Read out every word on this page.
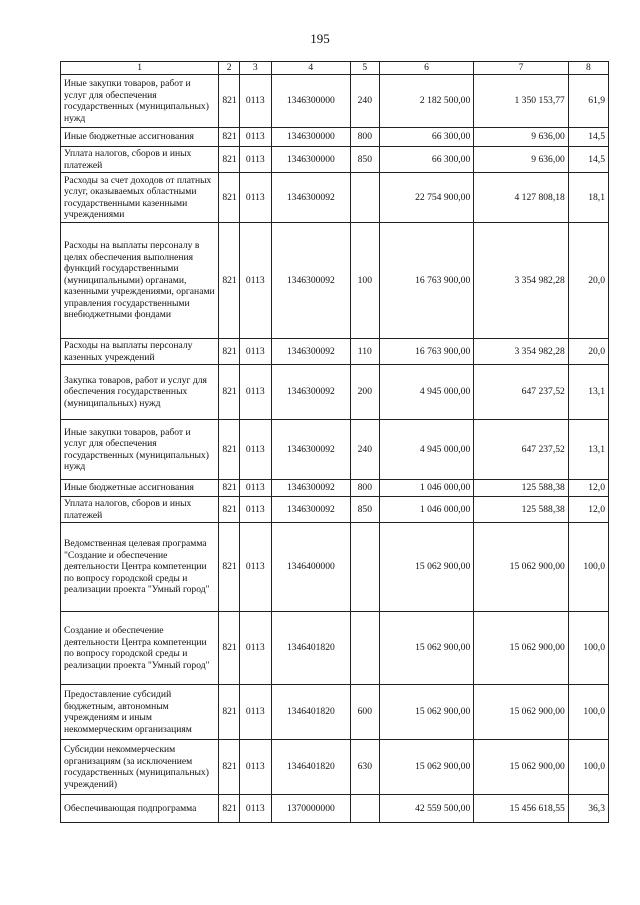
195
1	2	3	4	5	6	7	8
Иные закупки товаров, работ и услуг для обеспечения государственных (муниципальных) нужд	821	0113	1346300000	240	2 182 500,00	1 350 153,77	61,9
Иные бюджетные ассигнования	821	0113	1346300000	800	66 300,00	9 636,00	14,5
Уплата налогов, сборов и иных платежей	821	0113	1346300000	850	66 300,00	9 636,00	14,5
Расходы за счет доходов от платных услуг, оказываемых областными государственными казенными учреждениями	821	0113	1346300092		22 754 900,00	4 127 808,18	18,1
Расходы на выплаты персоналу в целях обеспечения выполнения функций государственными (муниципальными) органами, казенными учреждениями, органами управления государственными внебюджетными фондами	821	0113	1346300092	100	16 763 900,00	3 354 982,28	20,0
Расходы на выплаты персоналу казенных учреждений	821	0113	1346300092	110	16 763 900,00	3 354 982,28	20,0
Закупка товаров, работ и услуг для обеспечения государственных (муниципальных) нужд	821	0113	1346300092	200	4 945 000,00	647 237,52	13,1
Иные закупки товаров, работ и услуг для обеспечения государственных (муниципальных) нужд	821	0113	1346300092	240	4 945 000,00	647 237,52	13,1
Иные бюджетные ассигнования	821	0113	1346300092	800	1 046 000,00	125 588,38	12,0
Уплата налогов, сборов и иных платежей	821	0113	1346300092	850	1 046 000,00	125 588,38	12,0
Ведомственная целевая программа "Создание и обеспечение деятельности Центра компетенции по вопросу городской среды и реализации проекта "Умный город"	821	0113	1346400000		15 062 900,00	15 062 900,00	100,0
Создание и обеспечение деятельности Центра компетенции по вопросу городской среды и реализации проекта "Умный город"	821	0113	1346401820		15 062 900,00	15 062 900,00	100,0
Предоставление субсидий бюджетным, автономным учреждениям и иным некоммерческим организациям	821	0113	1346401820	600	15 062 900,00	15 062 900,00	100,0
Субсидии некоммерческим организациям (за исключением государственных (муниципальных) учреждений)	821	0113	1346401820	630	15 062 900,00	15 062 900,00	100,0
Обеспечивающая подпрограмма	821	0113	1370000000		42 559 500,00	15 456 618,55	36,3
